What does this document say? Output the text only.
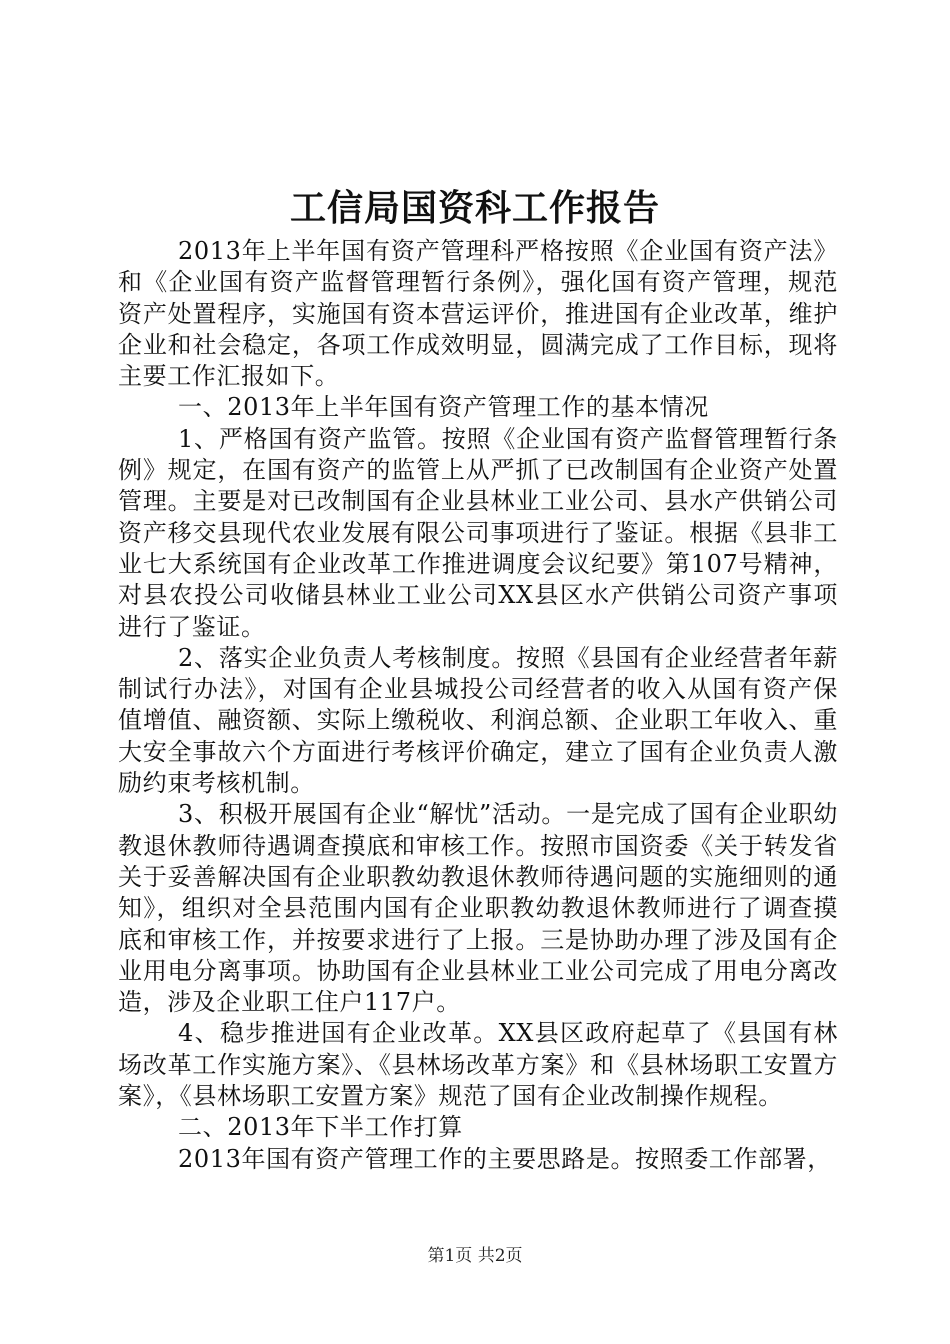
工信局国资科工作报告

2013年上半年国有资产管理科严格按照《企业国有资产法》和《企业国有资产监督管理暂行条例》，强化国有资产管理，规范资产处置程序，实施国有资本营运评价，推进国有企业改革，维护企业和社会稳定，各项工作成效明显，圆满完成了工作目标，现将主要工作汇报如下。

一、2013年上半年国有资产管理工作的基本情况

1、严格国有资产监管。按照《企业国有资产监督管理暂行条例》规定，在国有资产的监管上从严抓了已改制国有企业资产处置管理。主要是对已改制国有企业县林业工业公司、县水产供销公司资产移交县现代农业发展有限公司事项进行了鉴证。根据《县非工业七大系统国有企业改革工作推进调度会议纪要》第107号精神，对县农投公司收储县林业工业公司XX县区水产供销公司资产事项进行了鉴证。

2、落实企业负责人考核制度。按照《县国有企业经营者年薪制试行办法》，对国有企业县城投公司经营者的收入从国有资产保值增值、融资额、实际上缴税收、利润总额、企业职工年收入、重大安全事故六个方面进行考核评价确定，建立了国有企业负责人激励约束考核机制。

3、积极开展国有企业“解忧”活动。一是完成了国有企业职幼教退休教师待遇调查摸底和审核工作。按照市国资委《关于转发省关于妥善解决国有企业职教幼教退休教师待遇问题的实施细则的通知》，组织对全县范围内国有企业职教幼教退休教师进行了调查摸底和审核工作，并按要求进行了上报。三是协助办理了涉及国有企业用电分离事项。协助国有企业县林业工业公司完成了用电分离改造，涉及企业职工住户117户。

4、稳步推进国有企业改革。XX县区政府起草了《县国有林场改革工作实施方案》、《县林场改革方案》和《县林场职工安置方案》，《县林场职工安置方案》规范了国有企业改制操作规程。

二、2013年下半工作打算

2013年国有资产管理工作的主要思路是。按照委工作部署，

第1页 共2页
